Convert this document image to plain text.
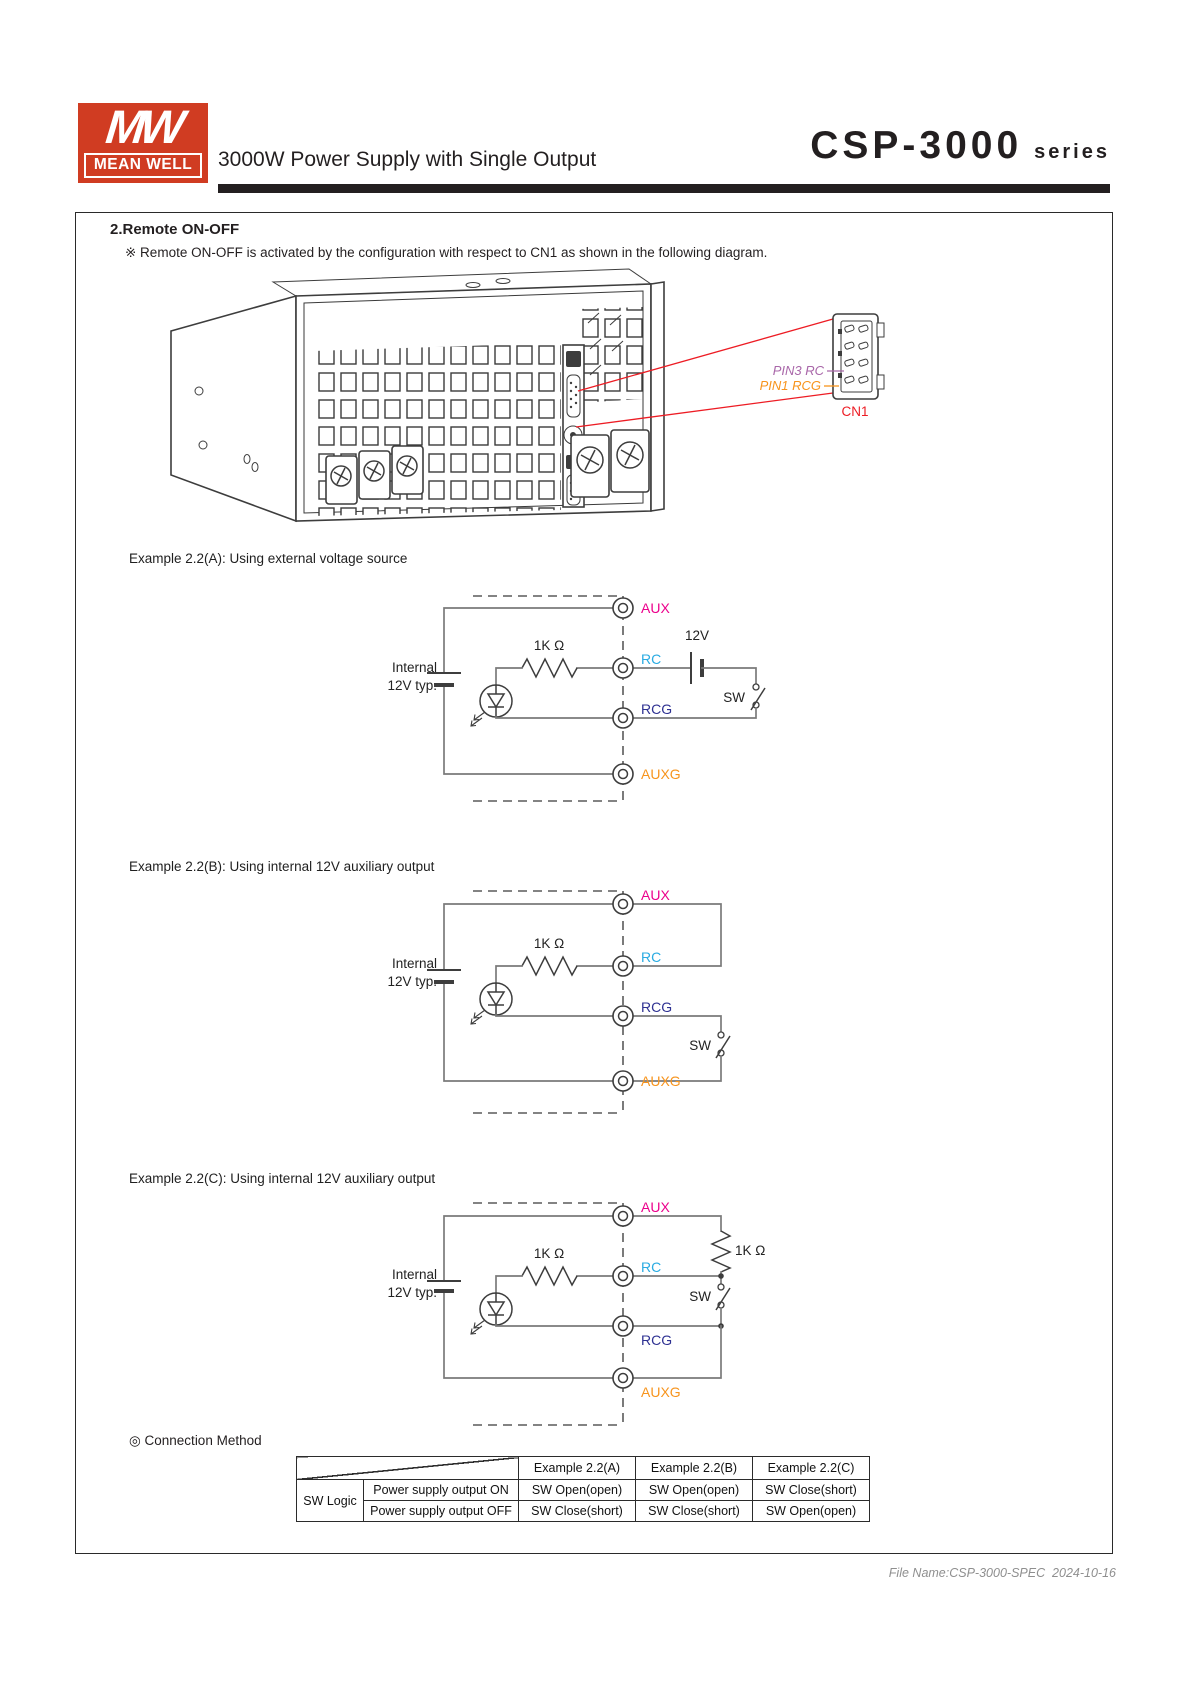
MW
MEAN WELL	3000W Power Supply with Single Output	CSP-3000 series
2.Remote ON-OFF
※ Remote ON-OFF is activated by the configuration with respect to CN1 as shown in the following diagram.
PIN3 RC
PIN1 RCG
CN1
Example 2.2(A): Using external voltage source
1K Ω
Internal
12V typ.
12V
SW
AUX
RC
RCG
AUXG
Example 2.2(B): Using internal 12V auxiliary output
1K Ω
Internal
12V typ.
SW
AUX
RC
RCG
AUXG
Example 2.2(C): Using internal 12V auxiliary output
1K Ω	1K Ω
Internal
12V typ.	SW
AUX
RC
RCG
AUXG
◎ Connection Method
		Example 2.2(A)	Example 2.2(B)	Example 2.2(C)
SW Logic	Power supply output ON	SW Open(open)	SW Open(open)	SW Close(short)
	Power supply output OFF	SW Close(short)	SW Close(short)	SW Open(open)
File Name:CSP-3000-SPEC  2024-10-16
